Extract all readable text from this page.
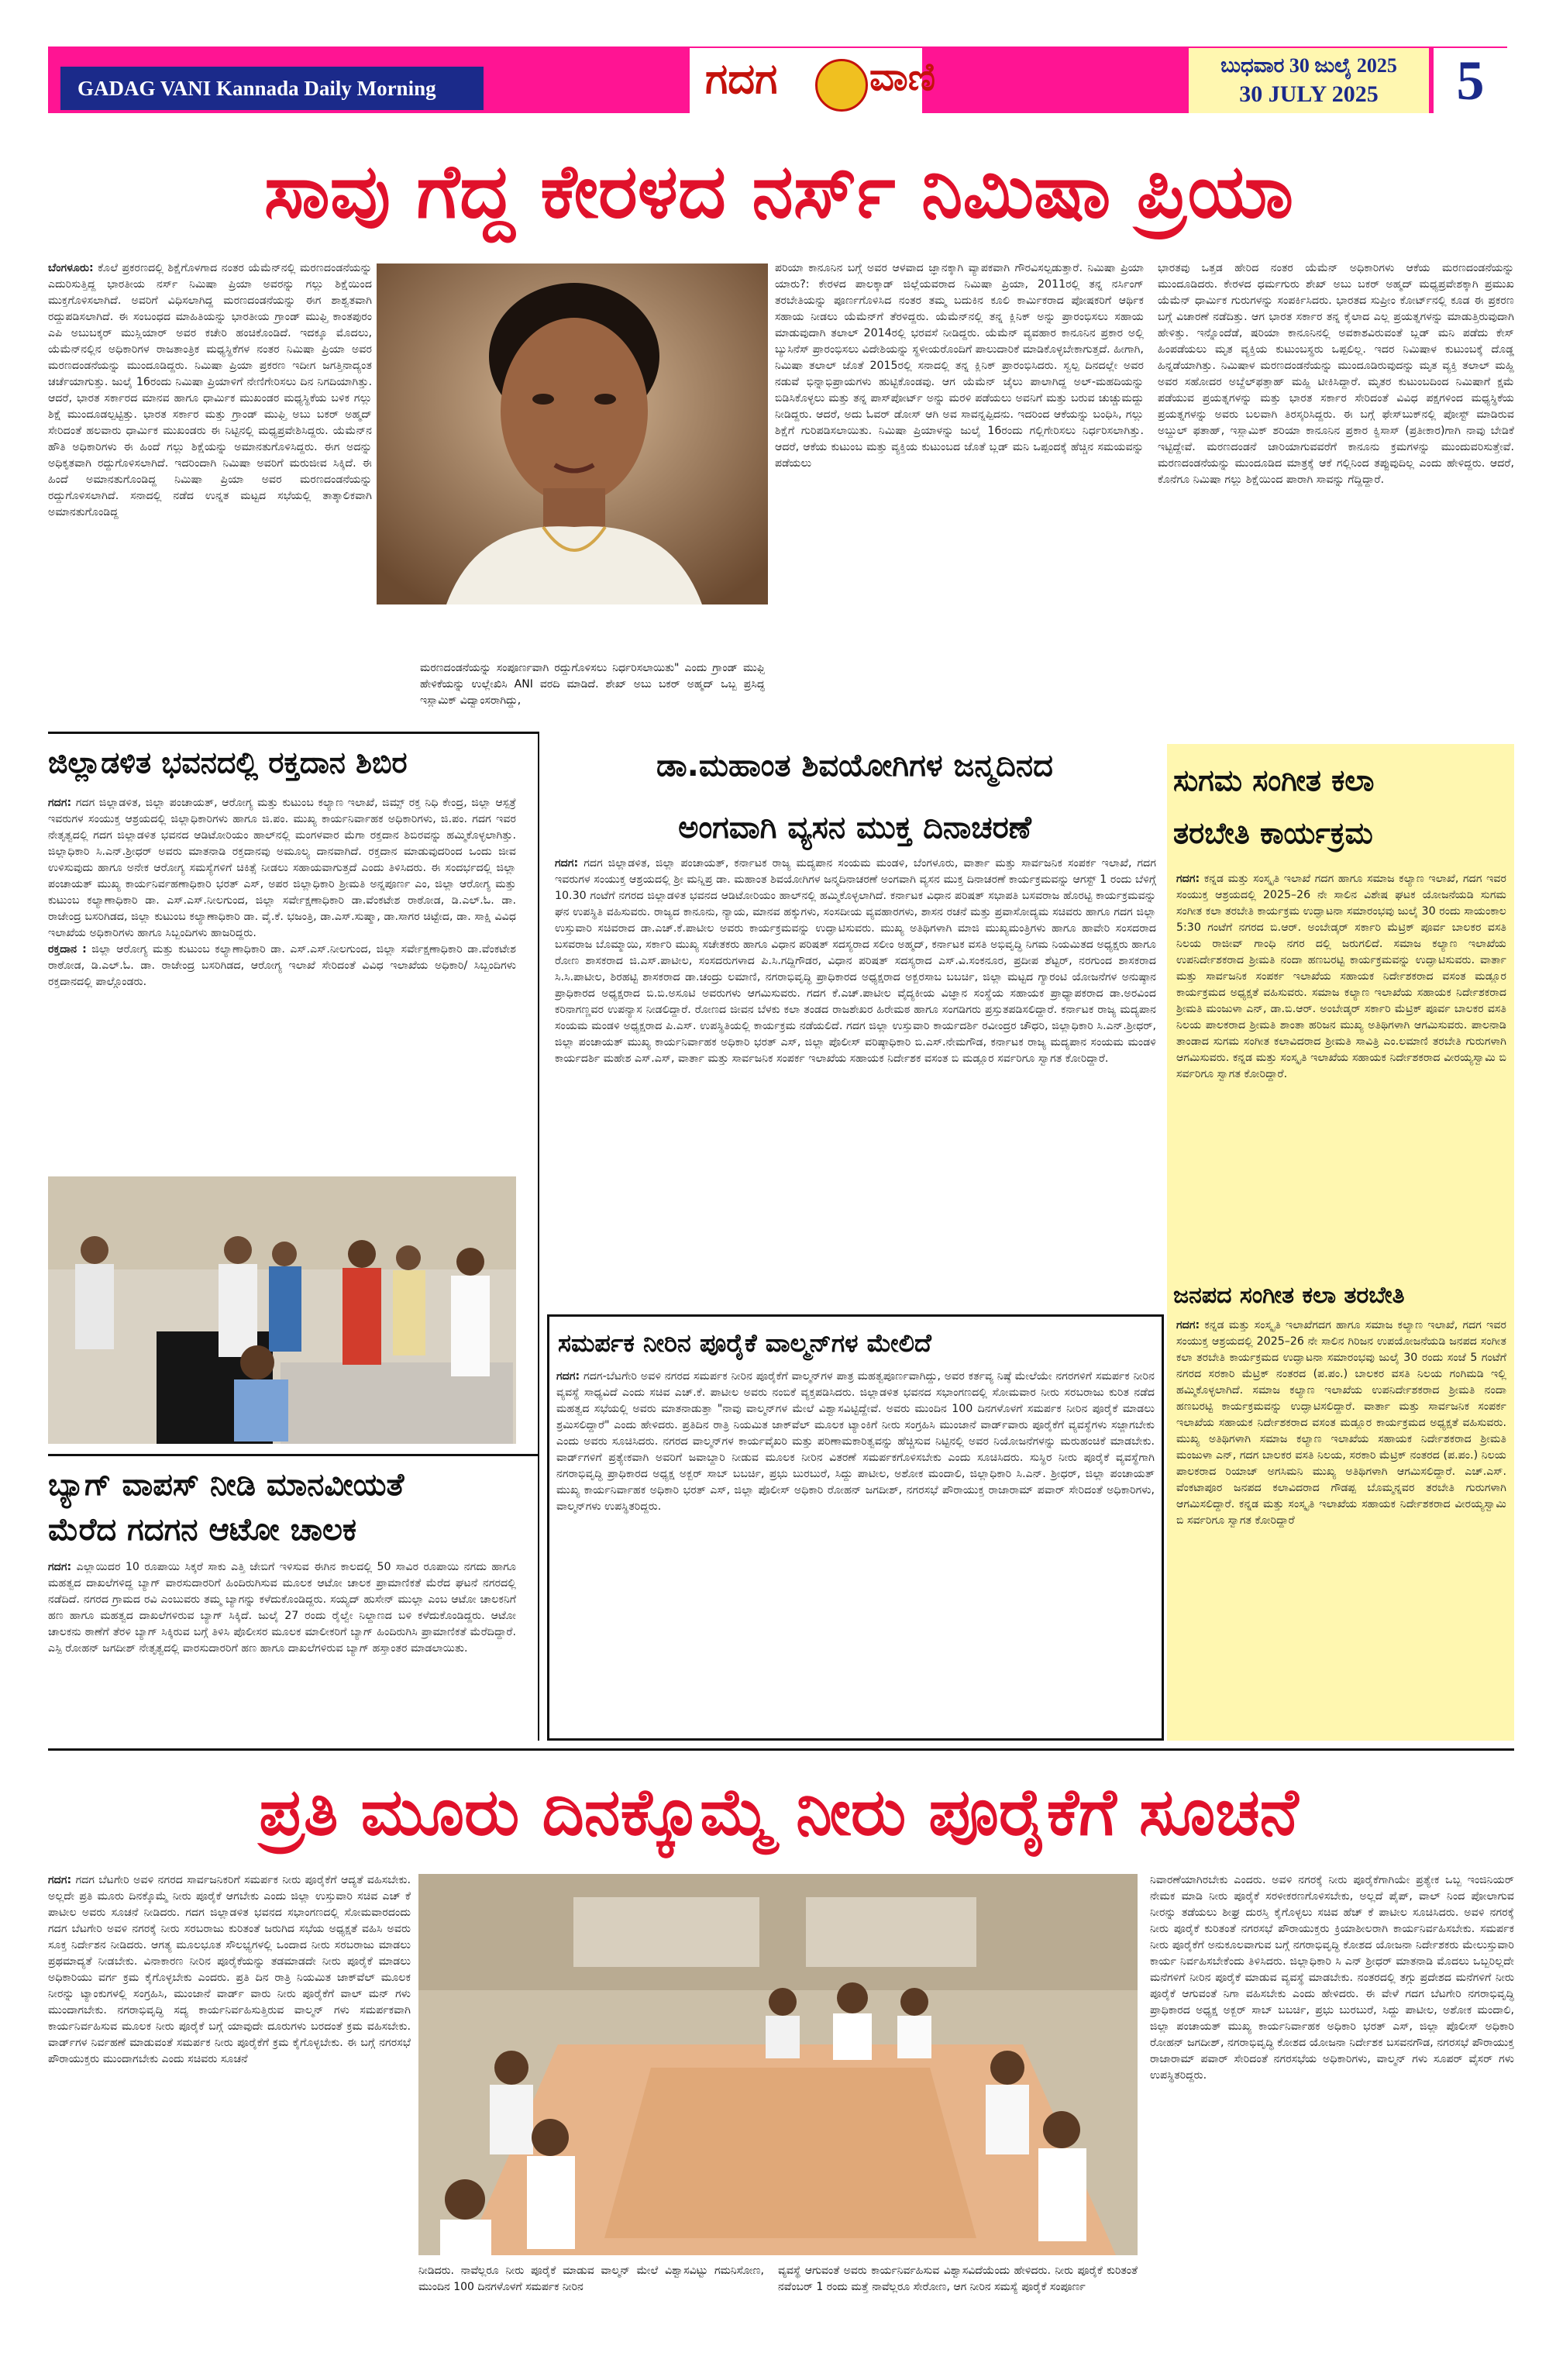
GADAG VANI Kannada Daily Morning	ಗದಗ ವಾಣಿ	ಬುಧವಾರ 30 ಜುಲೈ 2025
30 JULY 2025	5
ಸಾವು ಗೆದ್ದ ಕೇರಳದ ನರ್ಸ್ ನಿಮಿಷಾ ಪ್ರಿಯಾ
ಬೆಂಗಳೂರು: ಕೊಲೆ ಪ್ರಕರಣದಲ್ಲಿ ಶಿಕ್ಷೆಗೊಳಗಾದ ನಂತರ ಯೆಮೆನ್‌ನಲ್ಲಿ ಮರಣದಂಡನೆಯನ್ನು ಎದುರಿಸುತ್ತಿದ್ದ ಭಾರತೀಯ ನರ್ಸ್ ನಿಮಿಷಾ ಪ್ರಿಯಾ ಅವರನ್ನು ಗಲ್ಲು ಶಿಕ್ಷೆಯಿಂದ ಮುಕ್ತಗೊಳಿಸಲಾಗಿದೆ. ಅವರಿಗೆ ವಿಧಿಸಲಾಗಿದ್ದ ಮರಣದಂಡನೆಯನ್ನು ಈಗ ಶಾಶ್ವತವಾಗಿ ರದ್ದುಪಡಿಸಲಾಗಿದೆ. ಈ ಸಂಬಂಧದ ಮಾಹಿತಿಯನ್ನು ಭಾರತೀಯ ಗ್ರಾಂಡ್ ಮುಫ್ತಿ ಕಾಂತಪುರಂ ಎಪಿ ಅಬುಬಕ್ಕರ್ ಮುಸ್ಲಿಯಾರ್ ಅವರ ಕಚೇರಿ ಹಂಚಿಕೊಂಡಿದೆ. ಇದಕ್ಕೂ ಮೊದಲು, ಯೆಮೆನ್‌ನಲ್ಲಿನ ಅಧಿಕಾರಿಗಳ ರಾಜತಾಂತ್ರಿಕ ಮಧ್ಯಸ್ಥಿಕೆಗಳ ನಂತರ ನಿಮಿಷಾ ಪ್ರಿಯಾ ಅವರ ಮರಣದಂಡನೆಯನ್ನು ಮುಂದೂಡಿದ್ದರು. ನಿಮಿಷಾ ಪ್ರಿಯಾ ಪ್ರಕರಣ ಇದೀಗ ಜಗತ್ತಿನಾದ್ಯಂತ ಚರ್ಚೆಯಾಗುತ್ತು. ಜುಲೈ 16ರಂದು ನಿಮಿಷಾ ಪ್ರಿಯಾಳಿಗೆ ನೇಣಿಗೇರಿಸಲು ದಿನ ನಿಗದಿಯಾಗಿತ್ತು. ಆದರೆ, ಭಾರತ ಸರ್ಕಾರದ ಮಾನವ ಹಾಗೂ ಧಾರ್ಮಿಕ ಮುಖಂಡರ ಮಧ್ಯಸ್ಥಿಕೆಯ ಬಳಿಕ ಗಲ್ಲು ಶಿಕ್ಷೆ ಮುಂದೂಡಲ್ಪಟ್ಟಿತ್ತು. ಭಾರತ ಸರ್ಕಾರ ಮತ್ತು ಗ್ರಾಂಡ್ ಮುಫ್ತಿ ಅಬು ಬಕರ್ ಅಹ್ಮದ್ ಸೇರಿದಂತೆ ಹಲವಾರು ಧಾರ್ಮಿಕ ಮುಖಂಡರು ಈ ನಿಟ್ಟಿನಲ್ಲಿ ಮಧ್ಯಪ್ರವೇಶಿಸಿದ್ದರು. ಯೆಮೆನ್‌ನ ಹೌತಿ ಅಧಿಕಾರಿಗಳು ಈ ಹಿಂದೆ ಗಲ್ಲು ಶಿಕ್ಷೆಯನ್ನು ಅಮಾನತುಗೊಳಿಸಿದ್ದರು. ಈಗ ಅದನ್ನು ಅಧಿಕೃತವಾಗಿ ರದ್ದುಗೊಳಿಸಲಾಗಿದೆ. ಇದರಿಂದಾಗಿ ನಿಮಿಷಾ ಅವರಿಗೆ ಮರುಜೀವ ಸಿಕ್ಕಿದೆ. ಈ ಹಿಂದೆ ಅಮಾನತುಗೊಂಡಿದ್ದ ನಿಮಿಷಾ ಪ್ರಿಯಾ ಅವರ ಮರಣದಂಡನೆಯನ್ನು ರದ್ದುಗೊಳಿಸಲಾಗಿದೆ. ಸನಾದಲ್ಲಿ ನಡೆದ ಉನ್ನತ ಮಟ್ಟದ ಸಭೆಯಲ್ಲಿ ತಾತ್ಕಾಲಿಕವಾಗಿ ಅಮಾನತುಗೊಂಡಿದ್ದ
ಮರಣದಂಡನೆಯನ್ನು ಸಂಪೂರ್ಣವಾಗಿ ರದ್ದುಗೊಳಿಸಲು ನಿರ್ಧರಿಸಲಾಯಿತು" ಎಂದು ಗ್ರಾಂಡ್ ಮುಫ್ತಿ ಹೇಳಿಕೆಯನ್ನು ಉಲ್ಲೇಖಿಸಿ ANI ವರದಿ ಮಾಡಿದೆ. ಶೇಖ್ ಅಬು ಬಕರ್ ಅಹ್ಮದ್ ಒಬ್ಬ ಪ್ರಸಿದ್ಧ ಇಸ್ಲಾಮಿಕ್ ವಿದ್ವಾಂಸರಾಗಿದ್ದು,
ಪರಿಯಾ ಕಾನೂನಿನ ಬಗ್ಗೆ ಅವರ ಆಳವಾದ ಜ್ಞಾನಕ್ಕಾಗಿ ವ್ಯಾಪಕವಾಗಿ ಗೌರವಿಸಲ್ಪಡುತ್ತಾರೆ. ನಿಮಿಷಾ ಪ್ರಿಯಾ ಯಾರು?: ಕೇರಳದ ಪಾಲಕ್ಕಾಡ್ ಜಿಲ್ಲೆಯವರಾದ ನಿಮಿಷಾ ಪ್ರಿಯಾ, 2011ರಲ್ಲಿ ತನ್ನ ನರ್ಸಿಂಗ್ ತರಬೇತಿಯನ್ನು ಪೂರ್ಣಗೊಳಿಸಿದ ನಂತರ ತಮ್ಮ ಬದುಕಿನ ಕೂಲಿ ಕಾರ್ಮಿಕರಾದ ಪೋಷಕರಿಗೆ ಆರ್ಥಿಕ ಸಹಾಯ ನೀಡಲು ಯೆಮೆನ್‌ಗೆ ತೆರಳಿದ್ದರು. ಯೆಮೆನ್‌ನಲ್ಲಿ ತನ್ನ ಕ್ಲಿನಿಕ್ ಅನ್ನು ಪ್ರಾರಂಭಿಸಲು ಸಹಾಯ ಮಾಡುವುದಾಗಿ ತಲಾಲ್ 2014ರಲ್ಲಿ ಭರವಸೆ ನೀಡಿದ್ದರು. ಯೆಮೆನ್ ವ್ಯವಹಾರ ಕಾನೂನಿನ ಪ್ರಕಾರ ಅಲ್ಲಿ ಬ್ಯುಸಿನೆಸ್ ಪ್ರಾರಂಭಿಸಲು ವಿದೇಶಿಯನ್ನು ಸ್ಥಳೀಯರೊಂದಿಗೆ ಪಾಲುದಾರಿಕೆ ಮಾಡಿಕೊಳ್ಳಬೇಕಾಗುತ್ತದೆ. ಹೀಗಾಗಿ, ನಿಮಿಷಾ ತಲಾಲ್ ಜೊತೆ 2015ರಲ್ಲಿ ಸನಾದಲ್ಲಿ ತನ್ನ ಕ್ಲಿನಿಕ್ ಪ್ರಾರಂಭಿಸಿದರು. ಸ್ವಲ್ಪ ದಿನದಲ್ಲೇ ಅವರ ನಡುವೆ ಭಿನ್ನಾಭಿಪ್ರಾಯಗಳು ಹುಟ್ಟಿಕೊಂಡವು. ಆಗ ಯೆಮೆನ್ ಜೈಲು ಪಾಲಾಗಿದ್ದ ಅಲ್-ಮಹದಿಯನ್ನು ಬಿಡಿಸಿಕೊಳ್ಳಲು ಮತ್ತು ತನ್ನ ಪಾಸ್‌ಪೋರ್ಟ್ ಅನ್ನು ಮರಳಿ ಪಡೆಯಲು ಅವನಿಗೆ ಮತ್ತು ಬರುವ ಚುಚ್ಚುಮದ್ದು ನೀಡಿದ್ದರು. ಆದರೆ, ಅದು ಓವರ್ ಡೋಸ್ ಆಗಿ ಅವ ಸಾವನ್ನಪ್ಪಿದನು. ಇದರಿಂದ ಆಕೆಯನ್ನು ಬಂಧಿಸಿ, ಗಲ್ಲು ಶಿಕ್ಷೆಗೆ ಗುರಿಪಡಿಸಲಾಯಿತು. ನಿಮಿಷಾ ಪ್ರಿಯಾಳನ್ನು ಜುಲೈ 16ರಂದು ಗಲ್ಲಿಗೇರಿಸಲು ನಿರ್ಧರಿಸಲಾಗಿತ್ತು. ಆದರೆ, ಆಕೆಯ ಕುಟುಂಬ ಮತ್ತು ವ್ಯಕ್ತಿಯ ಕುಟುಂಬದ ಜೊತೆ ಬ್ಲಡ್ ಮನಿ ಒಪ್ಪಂದಕ್ಕೆ ಹೆಚ್ಚಿನ ಸಮಯವನ್ನು ಪಡೆಯಲು
ಭಾರತವು ಒತ್ತಡ ಹೇರಿದ ನಂತರ ಯೆಮೆನ್ ಅಧಿಕಾರಿಗಳು ಆಕೆಯ ಮರಣದಂಡನೆಯನ್ನು ಮುಂದೂಡಿದರು. ಕೇರಳದ ಧರ್ಮಗುರು ಶೇಖ್ ಅಬು ಬಕರ್ ಅಹ್ಮದ್ ಮಧ್ಯಪ್ರವೇಶಕ್ಕಾಗಿ ಪ್ರಮುಖ ಯೆಮೆನ್ ಧಾರ್ಮಿಕ ಗುರುಗಳನ್ನು ಸಂಪರ್ಕಿಸಿದರು. ಭಾರತದ ಸುಪ್ರೀಂ ಕೋರ್ಟ್‌ನಲ್ಲಿ ಕೂಡ ಈ ಪ್ರಕರಣ ಬಗ್ಗೆ ವಿಚಾರಣೆ ನಡೆದಿತ್ತು. ಆಗ ಭಾರತ ಸರ್ಕಾರ ತನ್ನ ಕೈಲಾದ ಎಲ್ಲ ಪ್ರಯತ್ನಗಳನ್ನು ಮಾಡುತ್ತಿರುವುದಾಗಿ ಹೇಳಿತ್ತು. ಇನ್ನೊಂದೆಡೆ, ಷರಿಯಾ ಕಾನೂನಿನಲ್ಲಿ ಅವಕಾಶವಿರುವಂತೆ ಬ್ಲಡ್ ಮನಿ ಪಡೆದು ಕೇಸ್ ಹಿಂಪಡೆಯಲು ಮೃತ ವ್ಯಕ್ತಿಯ ಕುಟುಂಬಸ್ಥರು ಒಪ್ಪಲಿಲ್ಲ. ಇದರ ನಿಮಿಷಾಳ ಕುಟುಂಬಕ್ಕೆ ದೊಡ್ಡ ಹಿನ್ನಡೆಯಾಗಿತ್ತು. ನಿಮಿಷಾಳ ಮರಣದಂಡನೆಯನ್ನು ಮುಂದೂಡಿರುವುದನ್ನು ಮೃತ ವ್ಯಕ್ತಿ ತಲಾಲ್ ಮಹ್ದಿ ಅವರ ಸಹೋದರ ಅಬ್ದೆಲ್‌ಫತ್ತಾಹ್ ಮಹ್ದಿ ಟೀಕಿಸಿದ್ದಾರೆ. ಮೃತರ ಕುಟುಂಬದಿಂದ ನಿಮಿಷಾಗೆ ಕ್ಷಮೆ ಪಡೆಯುವ ಪ್ರಯತ್ನಗಳನ್ನು ಮತ್ತು ಭಾರತ ಸರ್ಕಾರ ಸೇರಿದಂತೆ ವಿವಿಧ ಪಕ್ಷಗಳಿಂದ ಮಧ್ಯಸ್ಥಿಕೆಯ ಪ್ರಯತ್ನಗಳನ್ನು ಅವರು ಬಲವಾಗಿ ತಿರಸ್ಕರಿಸಿದ್ದರು. ಈ ಬಗ್ಗೆ ಫೇಸ್‌ಬುಕ್‌ನಲ್ಲಿ ಪೋಸ್ಟ್ ಮಾಡಿರುವ ಅಬ್ದುಲ್ ಫತಾಹ್, ಇಸ್ಲಾಮಿಕ್ ಶರಿಯಾ ಕಾನೂನಿನ ಪ್ರಕಾರ ಕ್ವಿಸಾಸ್ (ಪ್ರತೀಕಾರ)ಗಾಗಿ ನಾವು ಬೇಡಿಕೆ ಇಟ್ಟಿದ್ದೇವೆ. ಮರಣದಂಡನೆ ಜಾರಿಯಾಗುವವರೆಗೆ ಕಾನೂನು ಕ್ರಮಗಳನ್ನು ಮುಂದುವರಿಸುತ್ತೇವೆ. ಮರಣದಂಡನೆಯನ್ನು ಮುಂದೂಡಿದ ಮಾತ್ರಕ್ಕೆ ಆಕೆ ಗಲ್ಲಿನಿಂದ ತಪ್ಪುವುದಿಲ್ಲ ಎಂದು ಹೇಳಿದ್ದರು. ಆದರೆ, ಕೊನೆಗೂ ನಿಮಿಷಾ ಗಲ್ಲು ಶಿಕ್ಷೆಯಿಂದ ಪಾರಾಗಿ ಸಾವನ್ನು ಗೆದ್ದಿದ್ದಾರೆ.
ಜಿಲ್ಲಾಡಳಿತ ಭವನದಲ್ಲಿ ರಕ್ತದಾನ ಶಿಬಿರ
ಗದಗ: ಗದಗ ಜಿಲ್ಲಾಡಳಿತ, ಜಿಲ್ಲಾ ಪಂಚಾಯತ್, ಆರೋಗ್ಯ ಮತ್ತು ಕುಟುಂಬ ಕಲ್ಯಾಣ ಇಲಾಖೆ, ಜಿಮ್ಸ್ ರಕ್ತ ನಿಧಿ ಕೇಂದ್ರ, ಜಿಲ್ಲಾ ಆಸ್ಪತ್ರೆ ಇವರುಗಳ ಸಂಯುಕ್ತ ಆಶ್ರಯದಲ್ಲಿ ಜಿಲ್ಲಾಧಿಕಾರಿಗಳು ಹಾಗೂ ಜಿ.ಪಂ. ಮುಖ್ಯ ಕಾರ್ಯನಿರ್ವಾಹಕ ಅಧಿಕಾರಿಗಳು, ಜಿ.ಪಂ. ಗದಗ ಇವರ ನೇತೃತ್ವದಲ್ಲಿ ಗದಗ ಜಿಲ್ಲಾಡಳಿತ ಭವನದ ಆಡಿಟೋರಿಯಂ ಹಾಲ್‌ನಲ್ಲಿ ಮಂಗಳವಾರ ಮೆಗಾ ರಕ್ತದಾನ ಶಿಬಿರವನ್ನು ಹಮ್ಮಿಕೊಳ್ಳಲಾಗಿತ್ತು. ಜಿಲ್ಲಾಧಿಕಾರಿ ಸಿ.ಎನ್.ಶ್ರೀಧರ್ ಅವರು ಮಾತನಾಡಿ ರಕ್ತದಾನವು ಅಮೂಲ್ಯ ದಾನವಾಗಿದೆ. ರಕ್ತದಾನ ಮಾಡುವುದರಿಂದ ಒಂದು ಜೀವ ಉಳಿಸುವುದು ಹಾಗೂ ಅನೇಕ ಆರೋಗ್ಯ ಸಮಸ್ಯೆಗಳಿಗೆ ಚಿಕಿತ್ಸೆ ನೀಡಲು ಸಹಾಯವಾಗುತ್ತದೆ ಎಂದು ತಿಳಿಸಿದರು. ಈ ಸಂದರ್ಭದಲ್ಲಿ ಜಿಲ್ಲಾ ಪಂಚಾಯತ್ ಮುಖ್ಯ ಕಾರ್ಯನಿರ್ವಹಣಾಧಿಕಾರಿ ಭರತ್ ಎಸ್, ಅಪರ ಜಿಲ್ಲಾಧಿಕಾರಿ ಶ್ರೀಮತಿ ಅನ್ನಪೂರ್ಣ ಎಂ, ಜಿಲ್ಲಾ ಆರೋಗ್ಯ ಮತ್ತು ಕುಟುಂಬ ಕಲ್ಯಾಣಾಧಿಕಾರಿ ಡಾ. ಎಸ್.ಎಸ್.ನೀಲಗುಂದ, ಜಿಲ್ಲಾ ಸರ್ವೇಕ್ಷಣಾಧಿಕಾರಿ ಡಾ.ವೆಂಕಟೇಶ ರಾಠೋಡ, ಡಿ.ಎಲ್.ಓ. ಡಾ. ರಾಜೇಂದ್ರ ಬಸರಿಗಿಡದ, ಜಿಲ್ಲಾ ಕುಟುಂಬ ಕಲ್ಯಾಣಾಧಿಕಾರಿ ಡಾ. ವೈ.ಕೆ. ಭಜಂತ್ರಿ, ಡಾ.ಎಸ್.ಸುಷ್ಮಾ, ಡಾ.ಸಾಗರ ಚಿಟ್ಟೇದ, ಡಾ. ಸಾಕ್ಷಿ ವಿವಿಧ ಇಲಾಖೆಯ ಅಧಿಕಾರಿಗಳು ಹಾಗೂ ಸಿಬ್ಬಂದಿಗಳು ಹಾಜರಿದ್ದರು.
ರಕ್ತದಾನ : ಜಿಲ್ಲಾ ಆರೋಗ್ಯ ಮತ್ತು ಕುಟುಂಬ ಕಲ್ಯಾಣಾಧಿಕಾರಿ ಡಾ. ಎಸ್.ಎಸ್.ನೀಲಗುಂದ, ಜಿಲ್ಲಾ ಸರ್ವೇಕ್ಷಣಾಧಿಕಾರಿ ಡಾ.ವೆಂಕಟೇಶ ರಾಠೋಡ, ಡಿ.ಎಲ್.ಓ. ಡಾ. ರಾಜೇಂದ್ರ ಬಸರಿಗಿಡದ, ಆರೋಗ್ಯ ಇಲಾಖೆ ಸೇರಿದಂತೆ ವಿವಿಧ ಇಲಾಖೆಯ ಅಧಿಕಾರಿ/ ಸಿಬ್ಬಂದಿಗಳು ರಕ್ತದಾನದಲ್ಲಿ ಪಾಲ್ಗೊಂಡರು.
ಬ್ಯಾಗ್ ವಾಪಸ್ ನೀಡಿ ಮಾನವೀಯತೆ
ಮೆರೆದ ಗದಗನ ಆಟೋ ಚಾಲಕ
ಗದಗ: ಎಲ್ಲಾಯಿದರ 10 ರೂಪಾಯಿ ಸಿಕ್ಕರೆ ಸಾಕು ಎತ್ತಿ ಜೇಬಿಗೆ ಇಳಿಸುವ ಈಗಿನ ಕಾಲದಲ್ಲಿ 50 ಸಾವಿರ ರೂಪಾಯಿ ನಗದು ಹಾಗೂ ಮಹತ್ವದ ದಾಖಲೆಗಳಿದ್ದ ಬ್ಯಾಗ್ ವಾರಸುದಾರರಿಗೆ ಹಿಂದಿರುಗಿಸುವ ಮೂಲಕ ಆಟೋ ಚಾಲಕ ಪ್ರಾಮಾಣಿಕತೆ ಮೆರೆದ ಘಟನೆ ನಗರದಲ್ಲಿ ನಡೆದಿದೆ. ನಗರದ ಗ್ರಾಮದ ರವಿ ಎಂಬುವರು ತಮ್ಮ ಬ್ಯಾಗನ್ನು ಕಳೆದುಕೊಂಡಿದ್ದರು. ಸಯ್ಯದ್ ಹುಸೇನ್ ಮುಲ್ಲಾ ಎಂಬ ಆಟೋ ಚಾಲಕನಿಗೆ ಹಣ ಹಾಗೂ ಮಹತ್ವದ ದಾಖಲೆಗಳಿರುವ ಬ್ಯಾಗ್ ಸಿಕ್ಕಿದೆ. ಜುಲೈ 27 ರಂದು ರೈಲ್ವೇ ನಿಲ್ದಾಣದ ಬಳಿ ಕಳೆದುಕೊಂಡಿದ್ದರು. ಆಟೋ ಚಾಲಕನು ಠಾಣೆಗೆ ತೆರಳಿ ಬ್ಯಾಗ್ ಸಿಕ್ಕಿರುವ ಬಗ್ಗೆ ತಿಳಿಸಿ ಪೊಲೀಸರ ಮೂಲಕ ಮಾಲೀಕರಿಗೆ ಬ್ಯಾಗ್ ಹಿಂದಿರುಗಿಸಿ ಪ್ರಾಮಾಣಿಕತೆ ಮೆರೆದಿದ್ದಾರೆ. ಎಸ್ಪಿ ರೋಹನ್ ಜಗದೀಶ್ ನೇತೃತ್ವದಲ್ಲಿ ವಾರಸುದಾರರಿಗೆ ಹಣ ಹಾಗೂ ದಾಖಲೆಗಳಿರುವ ಬ್ಯಾಗ್ ಹಸ್ತಾಂತರ ಮಾಡಲಾಯಿತು.
ಡಾ.ಮಹಾಂತ ಶಿವಯೋಗಿಗಳ ಜನ್ಮದಿನದ
ಅಂಗವಾಗಿ ವ್ಯಸನ ಮುಕ್ತ ದಿನಾಚರಣೆ
ಗದಗ: ಗದಗ ಜಿಲ್ಲಾಡಳಿತ, ಜಿಲ್ಲಾ ಪಂಚಾಯತ್, ಕರ್ನಾಟಕ ರಾಜ್ಯ ಮದ್ಯಪಾನ ಸಂಯಮ ಮಂಡಳಿ, ಬೆಂಗಳೂರು, ವಾರ್ತಾ ಮತ್ತು ಸಾರ್ವಜನಿಕ ಸಂಪರ್ಕ ಇಲಾಖೆ, ಗದಗ ಇವರುಗಳ ಸಂಯುಕ್ತ ಆಶ್ರಯದಲ್ಲಿ ಶ್ರೀ ಮನ್ನಿಪ್ರ ಡಾ. ಮಹಾಂತ ಶಿವಯೋಗಿಗಳ ಜನ್ಮದಿನಾಚರಣೆ ಅಂಗವಾಗಿ ವ್ಯಸನ ಮುಕ್ತ ದಿನಾಚರಣೆ ಕಾರ್ಯಕ್ರಮವನ್ನು ಆಗಸ್ಟ್ 1 ರಂದು ಬೆಳಿಗ್ಗೆ 10.30 ಗಂಟೆಗೆ ನಗರದ ಜಿಲ್ಲಾಡಳಿತ ಭವನದ ಆಡಿಟೋರಿಯಂ ಹಾಲ್‌ನಲ್ಲಿ ಹಮ್ಮಿಕೊಳ್ಳಲಾಗಿದೆ. ಕರ್ನಾಟಕ ವಿಧಾನ ಪರಿಷತ್ ಸಭಾಪತಿ ಬಸವರಾಜ ಹೊರಟ್ಟಿ ಕಾರ್ಯಕ್ರಮವನ್ನು ಘನ ಉಪಸ್ಥಿತಿ ವಹಿಸುವರು. ರಾಜ್ಯದ ಕಾನೂನು, ನ್ಯಾಯ, ಮಾನವ ಹಕ್ಕುಗಳು, ಸಂಸದೀಯ ವ್ಯವಹಾರಗಳು, ಶಾಸನ ರಚನೆ ಮತ್ತು ಪ್ರವಾಸೋದ್ಯಮ ಸಚಿವರು ಹಾಗೂ ಗದಗ ಜಿಲ್ಲಾ ಉಸ್ತುವಾರಿ ಸಚಿವರಾದ ಡಾ.ಎಚ್.ಕೆ.ಪಾಟೀಲ ಅವರು ಕಾರ್ಯಕ್ರಮವನ್ನು ಉದ್ಘಾಟಿಸುವರು. ಮುಖ್ಯ ಅತಿಥಿಗಳಾಗಿ ಮಾಜಿ ಮುಖ್ಯಮಂತ್ರಿಗಳು ಹಾಗೂ ಹಾವೇರಿ ಸಂಸದರಾದ ಬಸವರಾಜ ಬೊಮ್ಮಾಯಿ, ಸರ್ಕಾರಿ ಮುಖ್ಯ ಸಚೇತಕರು ಹಾಗೂ ವಿಧಾನ ಪರಿಷತ್ ಸದಸ್ಯರಾದ ಸಲೀಂ ಅಹ್ಮದ್, ಕರ್ನಾಟಕ ವಸತಿ ಅಭಿವೃದ್ಧಿ ನಿಗಮ ನಿಯಮಿತದ ಅಧ್ಯಕ್ಷರು ಹಾಗೂ ರೋಣ ಶಾಸಕರಾದ ಜಿ.ಎಸ್.ಪಾಟೀಲ, ಸಂಸದರುಗಳಾದ ಪಿ.ಸಿ.ಗದ್ದಿಗೌಡರ, ವಿಧಾನ ಪರಿಷತ್ ಸದಸ್ಯರಾದ ಎಸ್.ವಿ.ಸಂಕನೂರ, ಪ್ರದೀಪ ಶೆಟ್ಟರ್, ನರಗುಂದ ಶಾಸಕರಾದ ಸಿ.ಸಿ.ಪಾಟೀಲ, ಶಿರಹಟ್ಟಿ ಶಾಸಕರಾದ ಡಾ.ಚಂದ್ರು ಲಮಾಣಿ, ನಗರಾಭಿವೃದ್ಧಿ ಪ್ರಾಧಿಕಾರದ ಅಧ್ಯಕ್ಷರಾದ ಅಕ್ಬರಸಾಬ ಬಬರ್ಚಿ, ಜಿಲ್ಲಾ ಮಟ್ಟದ ಗ್ಯಾರಂಟಿ ಯೋಜನೆಗಳ ಅನುಷ್ಠಾನ ಪ್ರಾಧಿಕಾರದ ಅಧ್ಯಕ್ಷರಾದ ಬಿ.ಬಿ.ಅಸೂಟಿ ಅವರುಗಳು ಆಗಮಿಸುವರು. ಗದಗ ಕೆ.ಎಚ್.ಪಾಟೀಲ ವೈದ್ಯಕೀಯ ವಿಜ್ಞಾನ ಸಂಸ್ಥೆಯ ಸಹಾಯಕ ಪ್ರಾಧ್ಯಾಪಕರಾದ ಡಾ.ಅರವಿಂದ ಕರಿನಾಗಣ್ಣವರ ಉಪನ್ಯಾಸ ನೀಡಲಿದ್ದಾರೆ. ರೋಣದ ಜೀವನ ಬೆಳಕು ಕಲಾ ತಂಡದ ರಾಜಶೇಖರ ಹಿರೇಮಠ ಹಾಗೂ ಸಂಗಡಿಗರು ಪ್ರಸ್ತುತಪಡಿಸಲಿದ್ದಾರೆ. ಕರ್ನಾಟಕ ರಾಜ್ಯ ಮದ್ಯಪಾನ ಸಂಯಮ ಮಂಡಳಿ ಅಧ್ಯಕ್ಷರಾದ ಪಿ.ಎಸ್. ಉಪಸ್ಥಿತಿಯಲ್ಲಿ ಕಾರ್ಯಕ್ರಮ ನಡೆಯಲಿದೆ. ಗದಗ ಜಿಲ್ಲಾ ಉಸ್ತುವಾರಿ ಕಾರ್ಯದರ್ಶಿ ರವೀಂದ್ರರ ಚೌಧರಿ, ಜಿಲ್ಲಾಧಿಕಾರಿ ಸಿ.ಎನ್.ಶ್ರೀಧರ್, ಜಿಲ್ಲಾ ಪಂಚಾಯತ್ ಮುಖ್ಯ ಕಾರ್ಯನಿರ್ವಾಹಕ ಅಧಿಕಾರಿ ಭರತ್ ಎಸ್, ಜಿಲ್ಲಾ ಪೊಲೀಸ್ ವರಿಷ್ಠಾಧಿಕಾರಿ ಬಿ.ಎಸ್.ನೇಮಗೌಡ, ಕರ್ನಾಟಕ ರಾಜ್ಯ ಮದ್ಯಪಾನ ಸಂಯಮ ಮಂಡಳಿ ಕಾರ್ಯದರ್ಶಿ ಮಹೇಶ ಎಸ್.ಎಸ್, ವಾರ್ತಾ ಮತ್ತು ಸಾರ್ವಜನಿಕ ಸಂಪರ್ಕ ಇಲಾಖೆಯ ಸಹಾಯಕ ನಿರ್ದೇಶಕ ವಸಂತ ಬಿ ಮಡ್ಲೂರ ಸರ್ವರಿಗೂ ಸ್ವಾಗತ ಕೋರಿದ್ದಾರೆ.
ಸಮರ್ಪಕ ನೀರಿನ ಪೂರೈಕೆ ವಾಲ್ಮನ್‌ಗಳ ಮೇಲಿದೆ
ಗದಗ: ಗದಗ-ಬೆಟಗೇರಿ ಅವಳಿ ನಗರದ ಸಮರ್ಪಕ ನೀರಿನ ಪೂರೈಕೆಗೆ ವಾಲ್ಮನ್‌ಗಳ ಪಾತ್ರ ಮಹತ್ವಪೂರ್ಣವಾಗಿದ್ದು, ಅವರ ಕರ್ತವ್ಯ ನಿಷ್ಠೆ ಮೇಲೆಯೇ ನಗರಗಳಿಗೆ ಸಮರ್ಪಕ ನೀರಿನ ವ್ಯವಸ್ಥೆ ಸಾಧ್ಯವಿದೆ ಎಂದು ಸಚಿವ ಎಚ್.ಕೆ. ಪಾಟೀಲ ಅವರು ನಂಬಿಕೆ ವ್ಯಕ್ತಪಡಿಸಿದರು. ಜಿಲ್ಲಾಡಳಿತ ಭವನದ ಸಭಾಂಗಣದಲ್ಲಿ ಸೋಮವಾರ ನೀರು ಸರಬರಾಜು ಕುರಿತ ನಡೆದ ಮಹತ್ವದ ಸಭೆಯಲ್ಲಿ ಅವರು ಮಾತನಾಡುತ್ತಾ "ನಾವು ವಾಲ್ಮನ್‌ಗಳ ಮೇಲೆ ವಿಶ್ವಾಸವಿಟ್ಟಿದ್ದೇವೆ. ಅವರು ಮುಂದಿನ 100 ದಿನಗಳೊಳಗೆ ಸಮರ್ಪಕ ನೀರಿನ ಪೂರೈಕೆ ಮಾಡಲು ಶ್ರಮಿಸಲಿದ್ದಾರೆ" ಎಂದು ಹೇಳಿದರು. ಪ್ರತಿದಿನ ರಾತ್ರಿ ನಿಯಮಿತ ಜಾಕ್‌ವೆಲ್ ಮೂಲಕ ಟ್ಯಾಂಕಿಗೆ ನೀರು ಸಂಗ್ರಹಿಸಿ ಮುಂಜಾನೆ ವಾರ್ಡ್‌ವಾರು ಪೂರೈಕೆಗೆ ವ್ಯವಸ್ಥೆಗಳು ಸಜ್ಜಾಗಬೇಕು ಎಂದು ಅವರು ಸೂಚಿಸಿದರು. ನಗರದ ವಾಲ್ಮನ್‌ಗಳ ಕಾರ್ಯವೈಖರಿ ಮತ್ತು ಪರಿಣಾಮಕಾರಿತ್ವವನ್ನು ಹೆಚ್ಚಿಸುವ ನಿಟ್ಟಿನಲ್ಲಿ ಅವರ ನಿಯೋಜನೆಗಳನ್ನು ಮರುಹಂಚಿಕೆ ಮಾಡಬೇಕು. ವಾರ್ಡ್‌ಗಳಿಗೆ ಪ್ರತ್ಯೇಕವಾಗಿ ಅವರಿಗೆ ಜವಾಬ್ದಾರಿ ನೀಡುವ ಮೂಲಕ ನೀರಿನ ವಿತರಣೆ ಸಮರ್ಪಕಗೊಳಿಸಬೇಕು ಎಂದು ಸೂಚಿಸಿದರು. ಸುಸ್ಥಿರ ನೀರು ಪೂರೈಕೆ ವ್ಯವಸ್ಥೆಗಾಗಿ ನಗರಾಭಿವೃದ್ಧಿ ಪ್ರಾಧಿಕಾರದ ಅಧ್ಯಕ್ಷ ಅಕ್ಬರ್ ಸಾಬ್ ಬಬರ್ಚಿ, ಪ್ರಭು ಬುರಬುರೆ, ಸಿದ್ದು ಪಾಟೀಲ, ಅಶೋಕ ಮಂದಾಲಿ, ಜಿಲ್ಲಾಧಿಕಾರಿ ಸಿ.ಎನ್. ಶ್ರೀಧರ್, ಜಿಲ್ಲಾ ಪಂಚಾಯತ್ ಮುಖ್ಯ ಕಾರ್ಯನಿರ್ವಾಹಕ ಅಧಿಕಾರಿ ಭರತ್ ಎಸ್, ಜಿಲ್ಲಾ ಪೊಲೀಸ್ ಅಧಿಕಾರಿ ರೋಹನ್ ಜಗದೀಶ್, ನಗರಸಭೆ ಪೌರಾಯುಕ್ತ ರಾಜಾರಾಮ್ ಪವಾರ್ ಸೇರಿದಂತೆ ಅಧಿಕಾರಿಗಳು, ವಾಲ್ಮನ್‌ಗಳು ಉಪಸ್ಥಿತರಿದ್ದರು.
ಸುಗಮ ಸಂಗೀತ ಕಲಾ
ತರಬೇತಿ ಕಾರ್ಯಕ್ರಮ
ಗದಗ: ಕನ್ನಡ ಮತ್ತು ಸಂಸ್ಕೃತಿ ಇಲಾಖೆ ಗದಗ ಹಾಗೂ ಸಮಾಜ ಕಲ್ಯಾಣ ಇಲಾಖೆ, ಗದಗ ಇವರ ಸಂಯುಕ್ತ ಆಶ್ರಯದಲ್ಲಿ 2025–26 ನೇ ಸಾಲಿನ ವಿಶೇಷ ಘಟಕ ಯೋಜನೆಯಡಿ ಸುಗಮ ಸಂಗೀತ ಕಲಾ ತರಬೇತಿ ಕಾರ್ಯಕ್ರಮ ಉದ್ಘಾಟನಾ ಸಮಾರಂಭವು ಜುಲೈ 30 ರಂದು ಸಾಯಂಕಾಲ 5:30 ಗಂಟೆಗೆ ನಗರದ ಬಿ.ಆರ್. ಅಂಬೇಡ್ಕರ್ ಸರ್ಕಾರಿ ಮೆಟ್ರಿಕ್ ಪೂರ್ವ ಬಾಲಕರ ವಸತಿ ನಿಲಯ ರಾಜೀವ್ ಗಾಂಧಿ ನಗರ ದಲ್ಲಿ ಜರುಗಲಿದೆ. ಸಮಾಜ ಕಲ್ಯಾಣ ಇಲಾಖೆಯ ಉಪನಿರ್ದೇಶಕರಾದ ಶ್ರೀಮತಿ ನಂದಾ ಹಣಬರಟ್ಟಿ ಕಾರ್ಯಕ್ರಮವನ್ನು ಉದ್ಘಾಟಿಸುವರು. ವಾರ್ತಾ ಮತ್ತು ಸಾರ್ವಜನಿಕ ಸಂಪರ್ಕ ಇಲಾಖೆಯ ಸಹಾಯಕ ನಿರ್ದೇಶಕರಾದ ವಸಂತ ಮಡ್ಲೂರ ಕಾರ್ಯಕ್ರಮದ ಅಧ್ಯಕ್ಷತೆ ವಹಿಸುವರು. ಸಮಾಜ ಕಲ್ಯಾಣ ಇಲಾಖೆಯ ಸಹಾಯಕ ನಿರ್ದೇಶಕರಾದ ಶ್ರೀಮತಿ ಮಂಜುಳಾ ಎನ್, ಡಾ.ಬಿ.ಆರ್. ಅಂಬೇಡ್ಕರ್ ಸರ್ಕಾರಿ ಮೆಟ್ರಿಕ್ ಪೂರ್ವ ಬಾಲಕರ ವಸತಿ ನಿಲಯ ಪಾಲಕರಾದ ಶ್ರೀಮತಿ ಶಾಂತಾ ಹರಿಜನ ಮುಖ್ಯ ಅತಿಥಿಗಳಾಗಿ ಆಗಮಿಸುವರು. ಪಾಲನಾಡಿ ತಾಂಡಾದ ಸುಗಮ ಸಂಗೀತ ಕಲಾವಿದರಾದ ಶ್ರೀಮತಿ ಸಾವಿತ್ರಿ ಎಂ.ಲಮಾಣಿ ತರಬೇತಿ ಗುರುಗಳಾಗಿ ಆಗಮಿಸುವರು. ಕನ್ನಡ ಮತ್ತು ಸಂಸ್ಕೃತಿ ಇಲಾಖೆಯ ಸಹಾಯಕ ನಿರ್ದೇಶಕರಾದ ವೀರಯ್ಯಸ್ವಾಮಿ ಬಿ ಸರ್ವರಿಗೂ ಸ್ವಾಗತ ಕೋರಿದ್ದಾರೆ.
ಜನಪದ ಸಂಗೀತ ಕಲಾ ತರಬೇತಿ
ಗದಗ: ಕನ್ನಡ ಮತ್ತು ಸಂಸ್ಕೃತಿ ಇಲಾಖೆಗದಗ ಹಾಗೂ ಸಮಾಜ ಕಲ್ಯಾಣ ಇಲಾಖೆ, ಗದಗ ಇವರ ಸಂಯುಕ್ತ ಆಶ್ರಯದಲ್ಲಿ 2025–26 ನೇ ಸಾಲಿನ ಗಿರಿಜನ ಉಪಯೋಜನೆಯಡಿ ಜನಪದ ಸಂಗೀತ ಕಲಾ ತರಬೇತಿ ಕಾರ್ಯಕ್ರಮದ ಉದ್ಘಾಟನಾ ಸಮಾರಂಭವು ಜುಲೈ 30 ರಂದು ಸಂಜೆ 5 ಗಂಟೆಗೆ ನಗರದ ಸರಕಾರಿ ಮೆಟ್ರಿಕ್ ನಂತರದ (ಪ.ಪಂ.) ಬಾಲಕರ ವಸತಿ ನಿಲಯ ಗಂಗಿಮಡಿ ಇಲ್ಲಿ ಹಮ್ಮಿಕೊಳ್ಳಲಾಗಿದೆ. ಸಮಾಜ ಕಲ್ಯಾಣ ಇಲಾಖೆಯ ಉಪನಿರ್ದೇಶಕರಾದ ಶ್ರೀಮತಿ ನಂದಾ ಹಣಬರಟ್ಟಿ ಕಾರ್ಯಕ್ರಮವನ್ನು ಉದ್ಘಾಟಿಸಲಿದ್ದಾರೆ. ವಾರ್ತಾ ಮತ್ತು ಸಾರ್ವಜನಿಕ ಸಂಪರ್ಕ ಇಲಾಖೆಯ ಸಹಾಯಕ ನಿರ್ದೇಶಕರಾದ ವಸಂತ ಮಡ್ಲೂರ ಕಾರ್ಯಕ್ರಮದ ಅಧ್ಯಕ್ಷತೆ ವಹಿಸುವರು. ಮುಖ್ಯ ಅತಿಥಿಗಳಾಗಿ ಸಮಾಜ ಕಲ್ಯಾಣ ಇಲಾಖೆಯ ಸಹಾಯಕ ನಿರ್ದೇಶಕರಾದ ಶ್ರೀಮತಿ ಮಂಜುಳಾ ಎನ್, ಗದಗ ಬಾಲಕರ ವಸತಿ ನಿಲಯ, ಸರಕಾರಿ ಮೆಟ್ರಿಕ್ ನಂತರದ (ಪ.ಪಂ.) ನಿಲಯ ಪಾಲಕರಾದ ರಿಯಾಜ್ ಅಗಸಿಮನಿ ಮುಖ್ಯ ಅತಿಥಿಗಳಾಗಿ ಆಗಮಿಸಲಿದ್ದಾರೆ. ಎಚ್.ಎಸ್. ವೆಂಕಟಾಪೂರ ಜನಪದ ಕಲಾವಿದರಾದ ಗೌಡಪ್ಪ ಬೊಮ್ಮನ್ನವರ ತರಬೇತಿ ಗುರುಗಳಾಗಿ ಆಗಮಿಸಲಿದ್ದಾರೆ. ಕನ್ನಡ ಮತ್ತು ಸಂಸ್ಕೃತಿ ಇಲಾಖೆಯ ಸಹಾಯಕ ನಿರ್ದೇಶಕರಾದ ವೀರಯ್ಯಸ್ವಾಮಿ ಬಿ ಸರ್ವರಿಗೂ ಸ್ವಾಗತ ಕೋರಿದ್ದಾರೆ
ಪ್ರತಿ ಮೂರು ದಿನಕ್ಕೊಮ್ಮೆ ನೀರು ಪೂರೈಕೆಗೆ ಸೂಚನೆ
ಗದಗ: ಗದಗ ಬೆಟಗೇರಿ ಅವಳಿ ನಗರದ ಸಾರ್ವಜನಿಕರಿಗೆ ಸಮರ್ಪಕ ನೀರು ಪೂರೈಕೆಗೆ ಆದ್ಯತೆ ವಹಿಸಬೇಕು. ಅಲ್ಲದೇ ಪ್ರತಿ ಮೂರು ದಿನಕ್ಕೊಮ್ಮೆ ನೀರು ಪೂರೈಕೆ ಆಗಬೇಕು ಎಂದು ಜಿಲ್ಲಾ ಉಸ್ತುವಾರಿ ಸಚಿವ ಎಚ್ ಕೆ ಪಾಟೀಲ ಅವರು ಸೂಚನೆ ನೀಡಿದರು. ಗದಗ ಜಿಲ್ಲಾಡಳಿತ ಭವನದ ಸಭಾಂಗಣದಲ್ಲಿ ಸೋಮವಾರದಂದು ಗದಗ ಬೆಟಗೇರಿ ಅವಳಿ ನಗರಕ್ಕೆ ನೀರು ಸರಬರಾಜು ಕುರಿತಂತೆ ಜರುಗಿದ ಸಭೆಯ ಅಧ್ಯಕ್ಷತೆ ವಹಿಸಿ ಅವರು ಸೂಕ್ತ ನಿರ್ದೇಶನ ನೀಡಿದರು. ಆಗತ್ಯ ಮೂಲಭೂತ ಸೌಲಭ್ಯಗಳಲ್ಲಿ ಒಂದಾದ ನೀರು ಸರಬರಾಜು ಮಾಡಲು ಪ್ರಥಮಾದ್ಯತೆ ನೀಡಬೇಕು. ವಿನಾಕಾರಣ ನೀರಿನ ಪೂರೈಕೆಯನ್ನು ತಡಮಾಡದೇ ನೀರು ಪೂರೈಕೆ ಮಾಡಲು ಅಧಿಕಾರಿಯು ವರ್ಗ ಕ್ರಮ ಕೈಗೊಳ್ಳಬೇಕು ಎಂದರು. ಪ್ರತಿ ದಿನ ರಾತ್ರಿ ನಿಯಮಿತ ಜಾಕ್‌ವೆಲ್ ಮೂಲಕ ನೀರನ್ನು ಟ್ಯಾಂಕುಗಳಲ್ಲಿ ಸಂಗ್ರಹಿಸಿ, ಮುಂಜಾನೆ ವಾರ್ಡ್ ವಾರು ನೀರು ಪೂರೈಕೆಗೆ ವಾಲ್ ಮನ್ ಗಳು ಮುಂದಾಗಬೇಕು. ನಗರಾಭಿವೃದ್ಧಿ ಸದ್ಯ ಕಾರ್ಯನಿರ್ವಹಿಸುತ್ತಿರುವ ವಾಲ್ಮನ್ ಗಳು ಸಮರ್ಪಕವಾಗಿ ಕಾರ್ಯನಿರ್ವಹಿಸುವ ಮೂಲಕ ನೀರು ಪೂರೈಕೆ ಬಗ್ಗೆ ಯಾವುದೇ ದೂರುಗಳು ಬರದಂತೆ ಕ್ರಮ ವಹಿಸಬೇಕು. ವಾರ್ಡ್‌ಗಳ ನಿರ್ವಹಣೆ ಮಾಡುವಂತೆ ಸಮರ್ಪಕ ನೀರು ಪೂರೈಕೆಗೆ ಕ್ರಮ ಕೈಗೊಳ್ಳಬೇಕು. ಈ ಬಗ್ಗೆ ನಗರಸಭೆ ಪೌರಾಯುಕ್ತರು ಮುಂದಾಗಬೇಕು ಎಂದು ಸಚಿವರು ಸೂಚನೆ
ನೀಡಿದರು. ನಾವೆಲ್ಲರೂ ನೀರು ಪೂರೈಕೆ ಮಾಡುವ ವಾಲ್ಮನ್ ಮೇಲೆ ವಿಶ್ವಾಸವಿಟ್ಟು ಗಮನಿಸೋಣ, ಮುಂದಿನ 100 ದಿನಗಳೊಳಗೆ ಸಮರ್ಪಕ ನೀರಿನ
ವ್ಯವಸ್ಥೆ ಆಗುವಂತೆ ಅವರು ಕಾರ್ಯನಿರ್ವಹಿಸುವ ವಿಶ್ವಾಸವಿದೆಯೆಂದು ಹೇಳಿದರು. ನೀರು ಪೂರೈಕೆ ಕುರಿತಂತೆ ನವೆಂಬರ್ 1 ರಂದು ಮತ್ತೆ ನಾವೆಲ್ಲರೂ ಸೇರೋಣ, ಆಗ ನೀರಿನ ಸಮಸ್ಯೆ ಪೂರೈಕೆ ಸಂಪೂರ್ಣ
ನಿವಾರಣೆಯಾಗಿರಬೇಕು ಎಂದರು. ಅವಳಿ ನಗರಕ್ಕೆ ನೀರು ಪೂರೈಕೆಗಾಗಿಯೇ ಪ್ರತ್ಯೇಕ ಒಬ್ಬ ಇಂಜಿನಿಯರ್ ನೇಮಕ ಮಾಡಿ ನೀರು ಪೂರೈಕೆ ಸರಳೀಕರಣಗೊಳಿಸಬೇಕು, ಅಲ್ಲದೆ ಪೈಪ್, ವಾಲ್ ನಿಂದ ಪೋಲಾಗುವ ನೀರನ್ನು ತಡೆಯಲು ಶೀಘ್ರ ದುರಸ್ತಿ ಕೈಗೊಳ್ಳಲು ಸಚಿವ ಹೆಚ್ ಕೆ ಪಾಟೀಲ ಸೂಚಿಸಿದರು. ಅವಳಿ ನಗರಕ್ಕೆ ನೀರು ಪೂರೈಕೆ ಕುರಿತಂತೆ ನಗರಸಭೆ ಪೌರಾಯುಕ್ತರು ಕ್ರಿಯಾಶೀಲರಾಗಿ ಕಾರ್ಯನಿರ್ವಹಿಸಬೇಕು. ಸಮರ್ಪಕ ನೀರು ಪೂರೈಕೆಗೆ ಅನುಕೂಲವಾಗುವ ಬಗ್ಗೆ ನಗರಾಭಿವೃದ್ಧಿ ಕೋಶದ ಯೋಜನಾ ನಿರ್ದೇಶಕರು ಮೇಲುಸ್ತುವಾರಿ ಕಾರ್ಯ ನಿರ್ವಹಿಸಬೇಕೆಂದು ತಿಳಿಸಿದರು. ಜಿಲ್ಲಾಧಿಕಾರಿ ಸಿ ಎನ್ ಶ್ರೀಧರ್ ಮಾತನಾಡಿ ಮೊದಲು ಒಬ್ಬರಿಲ್ಲದೇ ಮನೆಗಳಿಗೆ ನೀರಿನ ಪೂರೈಕೆ ಮಾಡುವ ವ್ಯವಸ್ಥೆ ಮಾಡಬೇಕು. ನಂತರದಲ್ಲಿ ತಗ್ಗು ಪ್ರದೇಶದ ಮನೆಗಳಿಗೆ ನೀರು ಪೂರೈಕೆ ಆಗುವಂತೆ ನಿಗಾ ವಹಿಸಬೇಕು ಎಂದು ಹೇಳಿದರು. ಈ ವೇಳೆ ಗದಗ ಬೆಟಗೇರಿ ನಗರಾಭಿವೃದ್ಧಿ ಪ್ರಾಧಿಕಾರದ ಅಧ್ಯಕ್ಷ ಅಕ್ಬರ್ ಸಾಬ್ ಬಬರ್ಚಿ, ಪ್ರಭು ಬುರಬುರೆ, ಸಿದ್ದು ಪಾಟೀಲ, ಅಶೋಕ ಮಂದಾಲಿ, ಜಿಲ್ಲಾ ಪಂಚಾಯತ್ ಮುಖ್ಯ ಕಾರ್ಯನಿರ್ವಾಹಕ ಅಧಿಕಾರಿ ಭರತ್ ಎಸ್, ಜಿಲ್ಲಾ ಪೊಲೀಸ್ ಅಧಿಕಾರಿ ರೋಹನ್ ಜಗದೀಶ್, ನಗರಾಭಿವೃದ್ಧಿ ಕೋಶದ ಯೋಜನಾ ನಿರ್ದೇಶಕ ಬಸವನಗೌಡ, ನಗರಸಭೆ ಪೌರಾಯುಕ್ತ ರಾಜಾರಾಮ್ ಪವಾರ್ ಸೇರಿದಂತೆ ನಗರಸಭೆಯ ಅಧಿಕಾರಿಗಳು, ವಾಲ್ಮನ್ ಗಳು ಸೂಪರ್ ವೈಸರ್ ಗಳು ಉಪಸ್ಥಿತರಿದ್ದರು.
